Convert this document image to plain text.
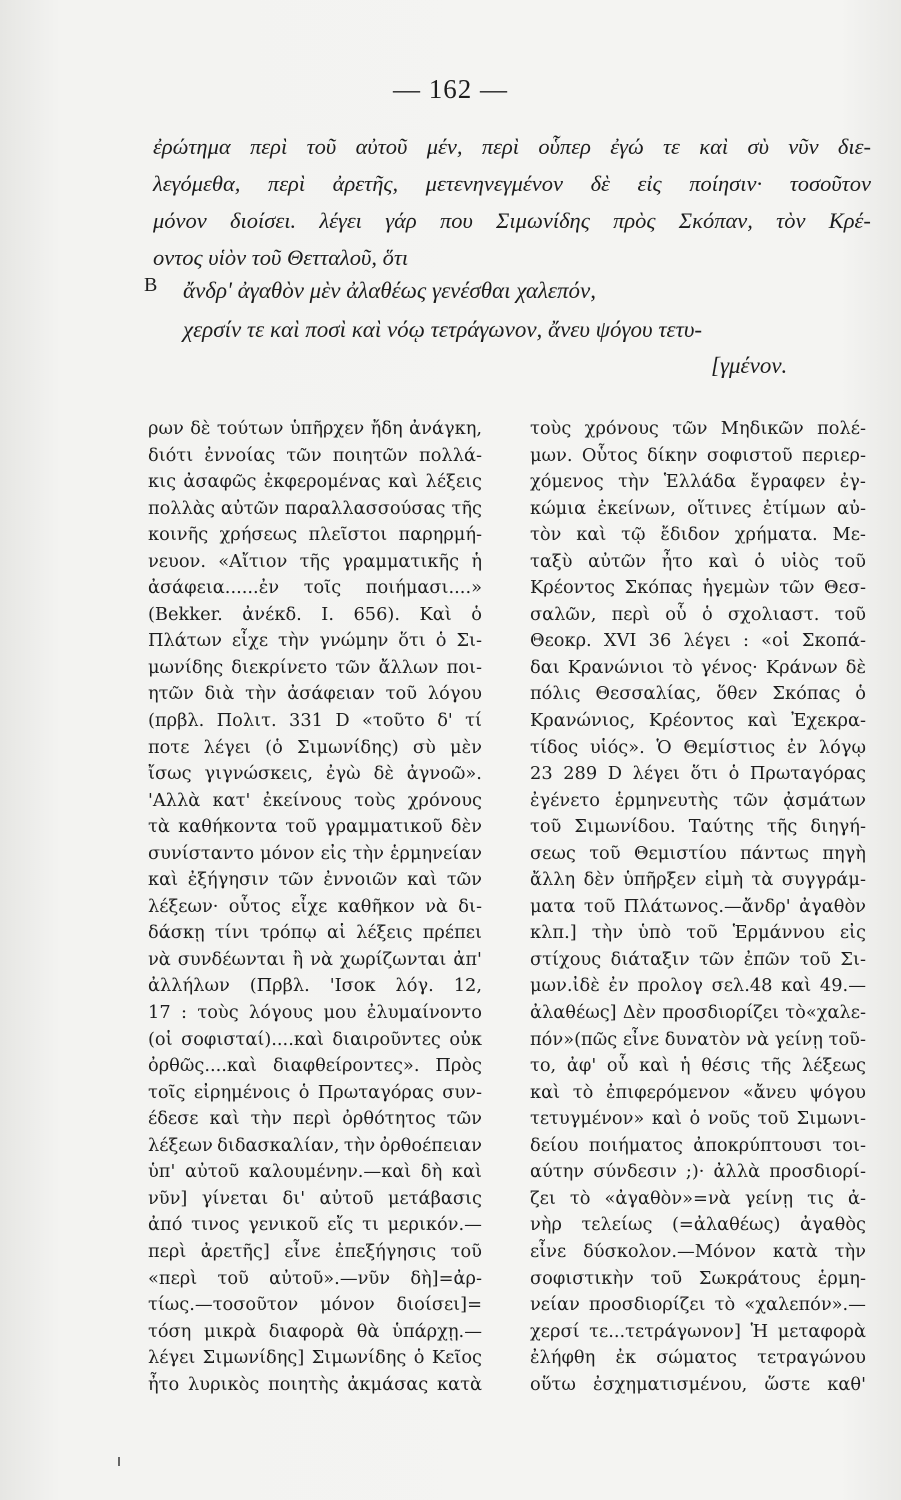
— 162 —
ἐρώτημα περὶ τοῦ αὐτοῦ μέν, περὶ οὗπερ ἐγώ τε καὶ σὺ νῦν διε-
λεγόμεθα, περὶ ἀρετῆς, μετενηνεγμένον δὲ εἰς ποίησιν· τοσοῦτον
μόνον διοίσει. λέγει γάρ που Σιμωνίδης πρὸς Σκόπαν, τὸν Κρέ-
οντος υἱὸν τοῦ Θετταλοῦ, ὅτι
B ἄνδρ' ἀγαθὸν μὲν ἀλαθέως γενέσθαι χαλεπόν,
χερσίν τε καὶ ποσὶ καὶ νόῳ τετράγωνον, ἄνευ ψόγου τετυ-
[γμένον.
ρων δὲ τούτων ὑπῆρχεν ἤδη ἀνάγκη,
διότι ἐννοίας τῶν ποιητῶν πολλά-
κις ἀσαφῶς ἐκφερομένας καὶ λέξεις
πολλὰς αὐτῶν παραλλασσούσας τῆς
κοινῆς χρήσεως πλεῖστοι παρηρμή-
νευον. «Αἴτιον τῆς γραμματικῆς ἡ
ἀσάφεια......ἐν τοῖς ποιήμασι....»
(Bekker. ἀνέκδ. I. 656). Καὶ ὁ
Πλάτων εἶχε τὴν γνώμην ὅτι ὁ Σι-
μωνίδης διεκρίνετο τῶν ἄλλων ποι-
ητῶν διὰ τὴν ἀσάφειαν τοῦ λόγου
(πρβλ. Πολιτ. 331 D «τοῦτο δ' τί
ποτε λέγει (ὁ Σιμωνίδης) σὺ μὲν
ἴσως γιγνώσκεις, ἐγὼ δὲ ἀγνοῶ».
'Αλλὰ κατ' ἐκείνους τοὺς χρόνους
τὰ καθήκοντα τοῦ γραμματικοῦ δὲν
συνίσταντο μόνον εἰς τὴν ἑρμηνείαν
καὶ ἐξήγησιν τῶν ἐννοιῶν καὶ τῶν
λέξεων· οὗτος εἶχε καθῆκον νὰ δι-
δάσκῃ τίνι τρόπῳ αἱ λέξεις πρέπει
νὰ συνδέωνται ἢ νὰ χωρίζωνται ἀπ'
ἀλλήλων (Πρβλ. 'Ισοκ λόγ. 12,
17 : τοὺς λόγους μου ἐλυμαίνοντο
(οἱ σοφισταί)....καὶ διαιροῦντες οὐκ
ὀρθῶς....καὶ διαφθείροντες». Πρὸς
τοῖς εἰρημένοις ὁ Πρωταγόρας συν-
έδεσε καὶ τὴν περὶ ὀρθότητος τῶν
λέξεων διδασκαλίαν, τὴν ὀρθοέπειαν
ὑπ' αὐτοῦ καλουμένην.—καὶ δὴ καὶ
νῦν] γίνεται δι' αὐτοῦ μετάβασις
ἀπό τινος γενικοῦ εἴς τι μερικόν.—
περὶ ἀρετῆς] εἶνε ἐπεξήγησις τοῦ
«περὶ τοῦ αὐτοῦ».—νῦν δὴ]=ἀρ-
τίως.—τοσοῦτον μόνον διοίσει]=
τόση μικρὰ διαφορὰ θὰ ὑπάρχῃ.—
λέγει Σιμωνίδης] Σιμωνίδης ὁ Κεῖος
ἦτο λυρικὸς ποιητὴς ἀκμάσας κατὰ
τοὺς χρόνους τῶν Μηδικῶν πολέ-
μων. Οὗτος δίκην σοφιστοῦ περιερ-
χόμενος τὴν Ἑλλάδα ἔγραφεν ἐγ-
κώμια ἐκείνων, οἵτινες ἐτίμων αὐ-
τὸν καὶ τῷ ἔδιδον χρήματα. Με-
ταξὺ αὐτῶν ἦτο καὶ ὁ υἱὸς τοῦ
Κρέοντος Σκόπας ἡγεμὼν τῶν Θεσ-
σαλῶν, περὶ οὗ ὁ σχολιαστ. τοῦ
Θεοκρ. XVI 36 λέγει : «οἱ Σκοπά-
δαι Κρανώνιοι τὸ γένος· Κράνων δὲ
πόλις Θεσσαλίας, ὅθεν Σκόπας ὁ
Κρανώνιος, Κρέοντος καὶ Ἐχεκρα-
τίδος υἱός». Ὁ Θεμίστιος ἐν λόγῳ
23 289 D λέγει ὅτι ὁ Πρωταγόρας
ἐγένετο ἑρμηνευτὴς τῶν ᾀσμάτων
τοῦ Σιμωνίδου. Ταύτης τῆς διηγή-
σεως τοῦ Θεμιστίου πάντως πηγὴ
ἄλλη δὲν ὑπῆρξεν εἰμὴ τὰ συγγράμ-
ματα τοῦ Πλάτωνος.—ἄνδρ' ἀγαθὸν
κλπ.] τὴν ὑπὸ τοῦ Ἑρμάννου εἰς
στίχους διάταξιν τῶν ἐπῶν τοῦ Σι-
μων.ἰδὲ ἐν προλογ σελ.48 καὶ 49.—
ἀλαθέως] Δὲν προσδιορίζει τὸ«χαλε-
πόν»(πῶς εἶνε δυνατὸν νὰ γείνῃ τοῦ-
το, ἀφ' οὗ καὶ ἡ θέσις τῆς λέξεως
καὶ τὸ ἐπιφερόμενον «ἄνευ ψόγου
τετυγμένον» καὶ ὁ νοῦς τοῦ Σιμωνι-
δείου ποιήματος ἀποκρύπτουσι τοι-
αύτην σύνδεσιν ;)· ἀλλὰ προσδιορί-
ζει τὸ «ἀγαθὸν»=νὰ γείνῃ τις ἀ-
νὴρ τελείως (=ἀλαθέως) ἀγαθὸς
εἶνε δύσκολον.—Μόνον κατὰ τὴν
σοφιστικὴν τοῦ Σωκράτους ἑρμη-
νείαν προσδιορίζει τὸ «χαλεπόν».—
χερσί τε...τετράγωνον] Ἡ μεταφορὰ
ἐλήφθη ἐκ σώματος τετραγώνου
οὕτω ἐσχηματισμένου, ὥστε καθ'
